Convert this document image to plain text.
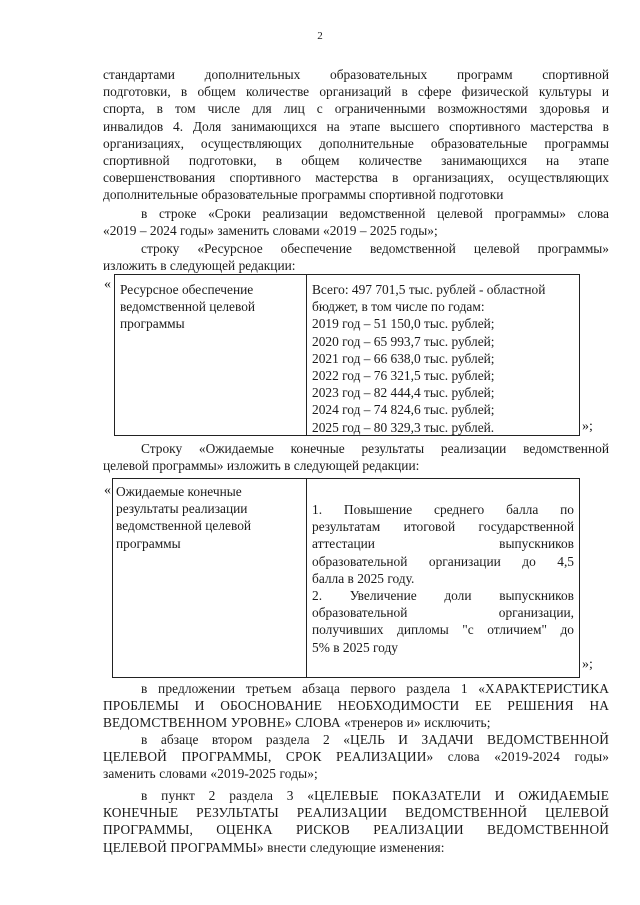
2

стандартами дополнительных образовательных программ спортивной

подготовки, в общем количестве организаций в сфере физической культуры и

спорта, в том числе для лиц с ограниченными возможностями здоровья и

инвалидов 4. Доля занимающихся на этапе высшего спортивного мастерства в

организациях, осуществляющих дополнительные образовательные программы

спортивной подготовки, в общем количестве занимающихся на этапе

совершенствования спортивного мастерства в организациях, осуществляющих

дополнительные образовательные программы спортивной подготовки

в строке «Сроки реализации ведомственной целевой программы» слова

«2019 – 2024 годы» заменить словами «2019 – 2025 годы»;

строку «Ресурсное обеспечение ведомственной целевой программы»

изложить в следующей редакции:

« Ресурсное обеспечение

ведомственной целевой

программы

Всего: 497 701,5 тыс. рублей - областной

бюджет, в том числе по годам:

2019 год – 51 150,0 тыс. рублей;

2020 год – 65 993,7 тыс. рублей;

2021 год – 66 638,0 тыс. рублей;

2022 год – 76 321,5 тыс. рублей;

2023 год – 82 444,4 тыс. рублей;

2024 год – 74 824,6 тыс. рублей;

2025 год – 80 329,3 тыс. рублей.	»;

Строку «Ожидаемые конечные результаты реализации ведомственной

целевой программы» изложить в следующей редакции:

« Ожидаемые конечные

результаты реализации

ведомственной целевой

программы

1. Повышение среднего балла по

результатам итоговой государственной

аттестации выпускников

образовательной организации до 4,5

балла в 2025 году.

2. Увеличение доли выпускников

образовательной организации,

получивших дипломы "с отличием" до

5% в 2025 году

»;

в предложении третьем абзаца первого раздела 1 «ХАРАКТЕРИСТИКА

ПРОБЛЕМЫ И ОБОСНОВАНИЕ НЕОБХОДИМОСТИ ЕЕ РЕШЕНИЯ НА

ВЕДОМСТВЕННОМ УРОВНЕ» СЛОВА «тренеров и» исключить;

в абзаце втором раздела 2 «ЦЕЛЬ И ЗАДАЧИ ВЕДОМСТВЕННОЙ

ЦЕЛЕВОЙ ПРОГРАММЫ, СРОК РЕАЛИЗАЦИИ» слова «2019-2024 годы»

заменить словами «2019-2025 годы»;

в пункт 2 раздела 3 «ЦЕЛЕВЫЕ ПОКАЗАТЕЛИ И ОЖИДАЕМЫЕ

КОНЕЧНЫЕ РЕЗУЛЬТАТЫ РЕАЛИЗАЦИИ ВЕДОМСТВЕННОЙ ЦЕЛЕВОЙ

ПРОГРАММЫ, ОЦЕНКА РИСКОВ РЕАЛИЗАЦИИ ВЕДОМСТВЕННОЙ

ЦЕЛЕВОЙ ПРОГРАММЫ» внести следующие изменения:
